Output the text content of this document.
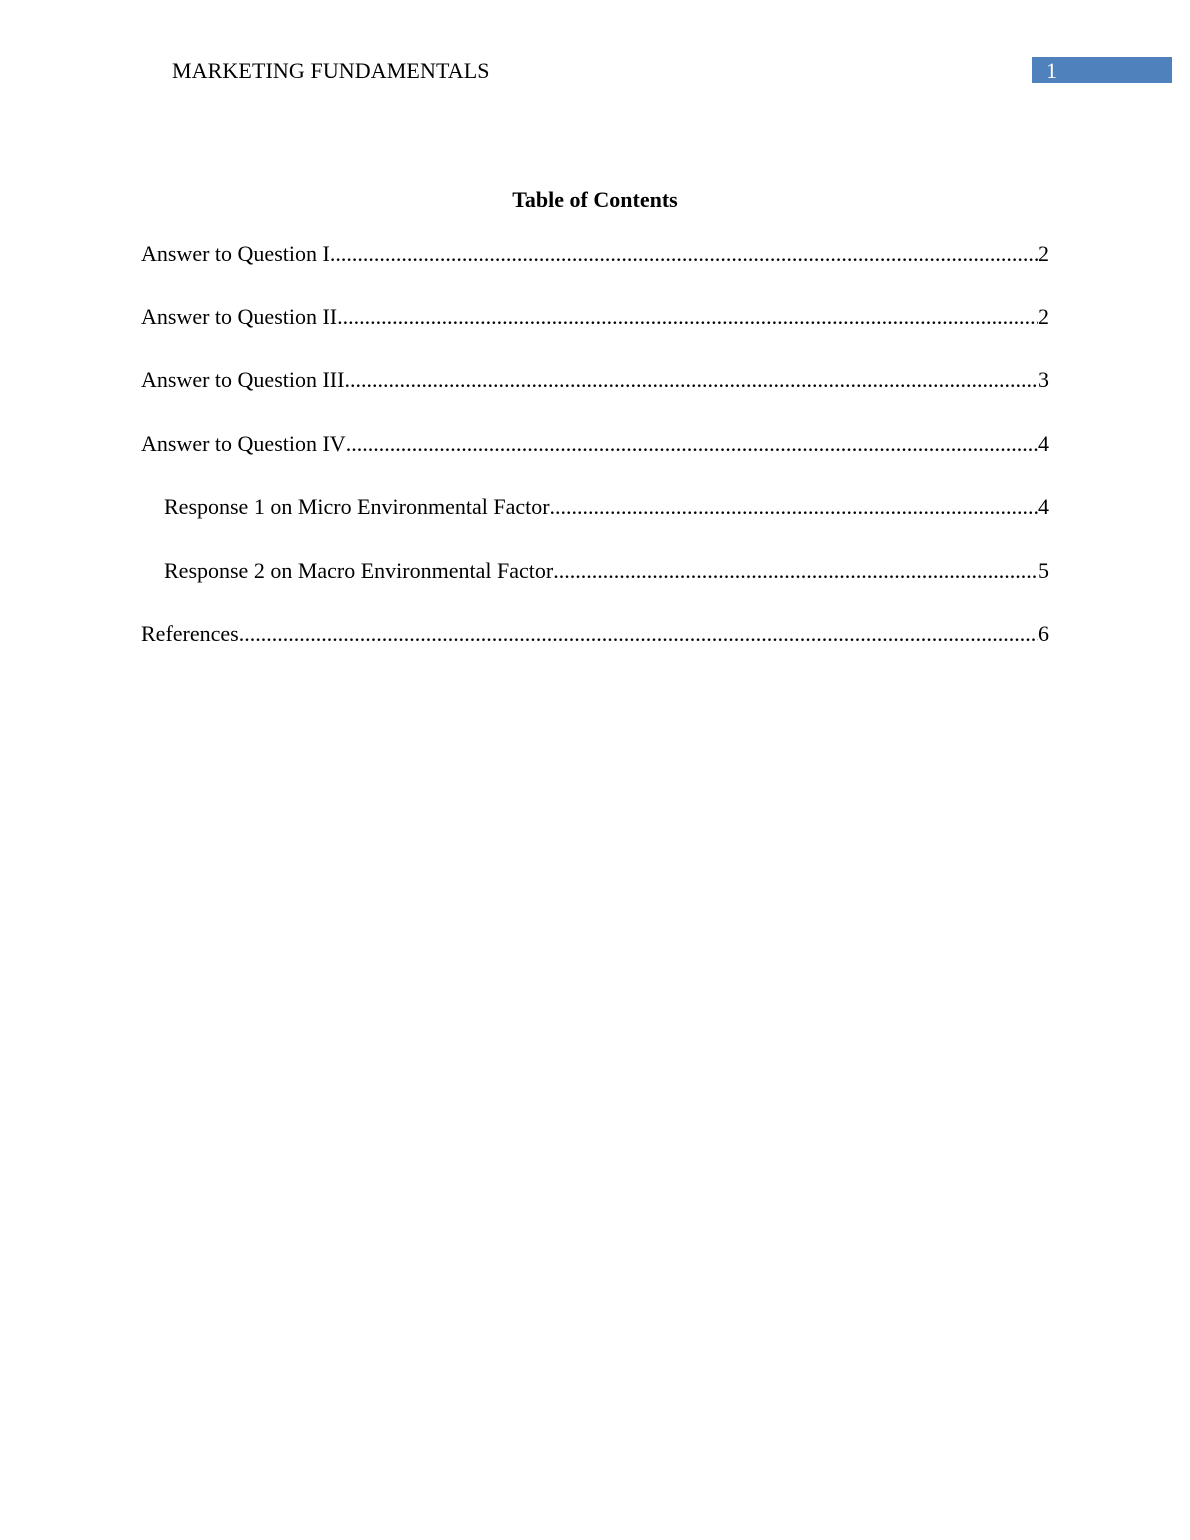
MARKETING FUNDAMENTALS	1
Table of Contents
Answer to Question I .....	2
Answer to Question II .....	2
Answer to Question III .....	3
Answer to Question IV .....	4
Response 1 on Micro Environmental Factor .....	4
Response 2 on Macro Environmental Factor .....	5
References .....	6
